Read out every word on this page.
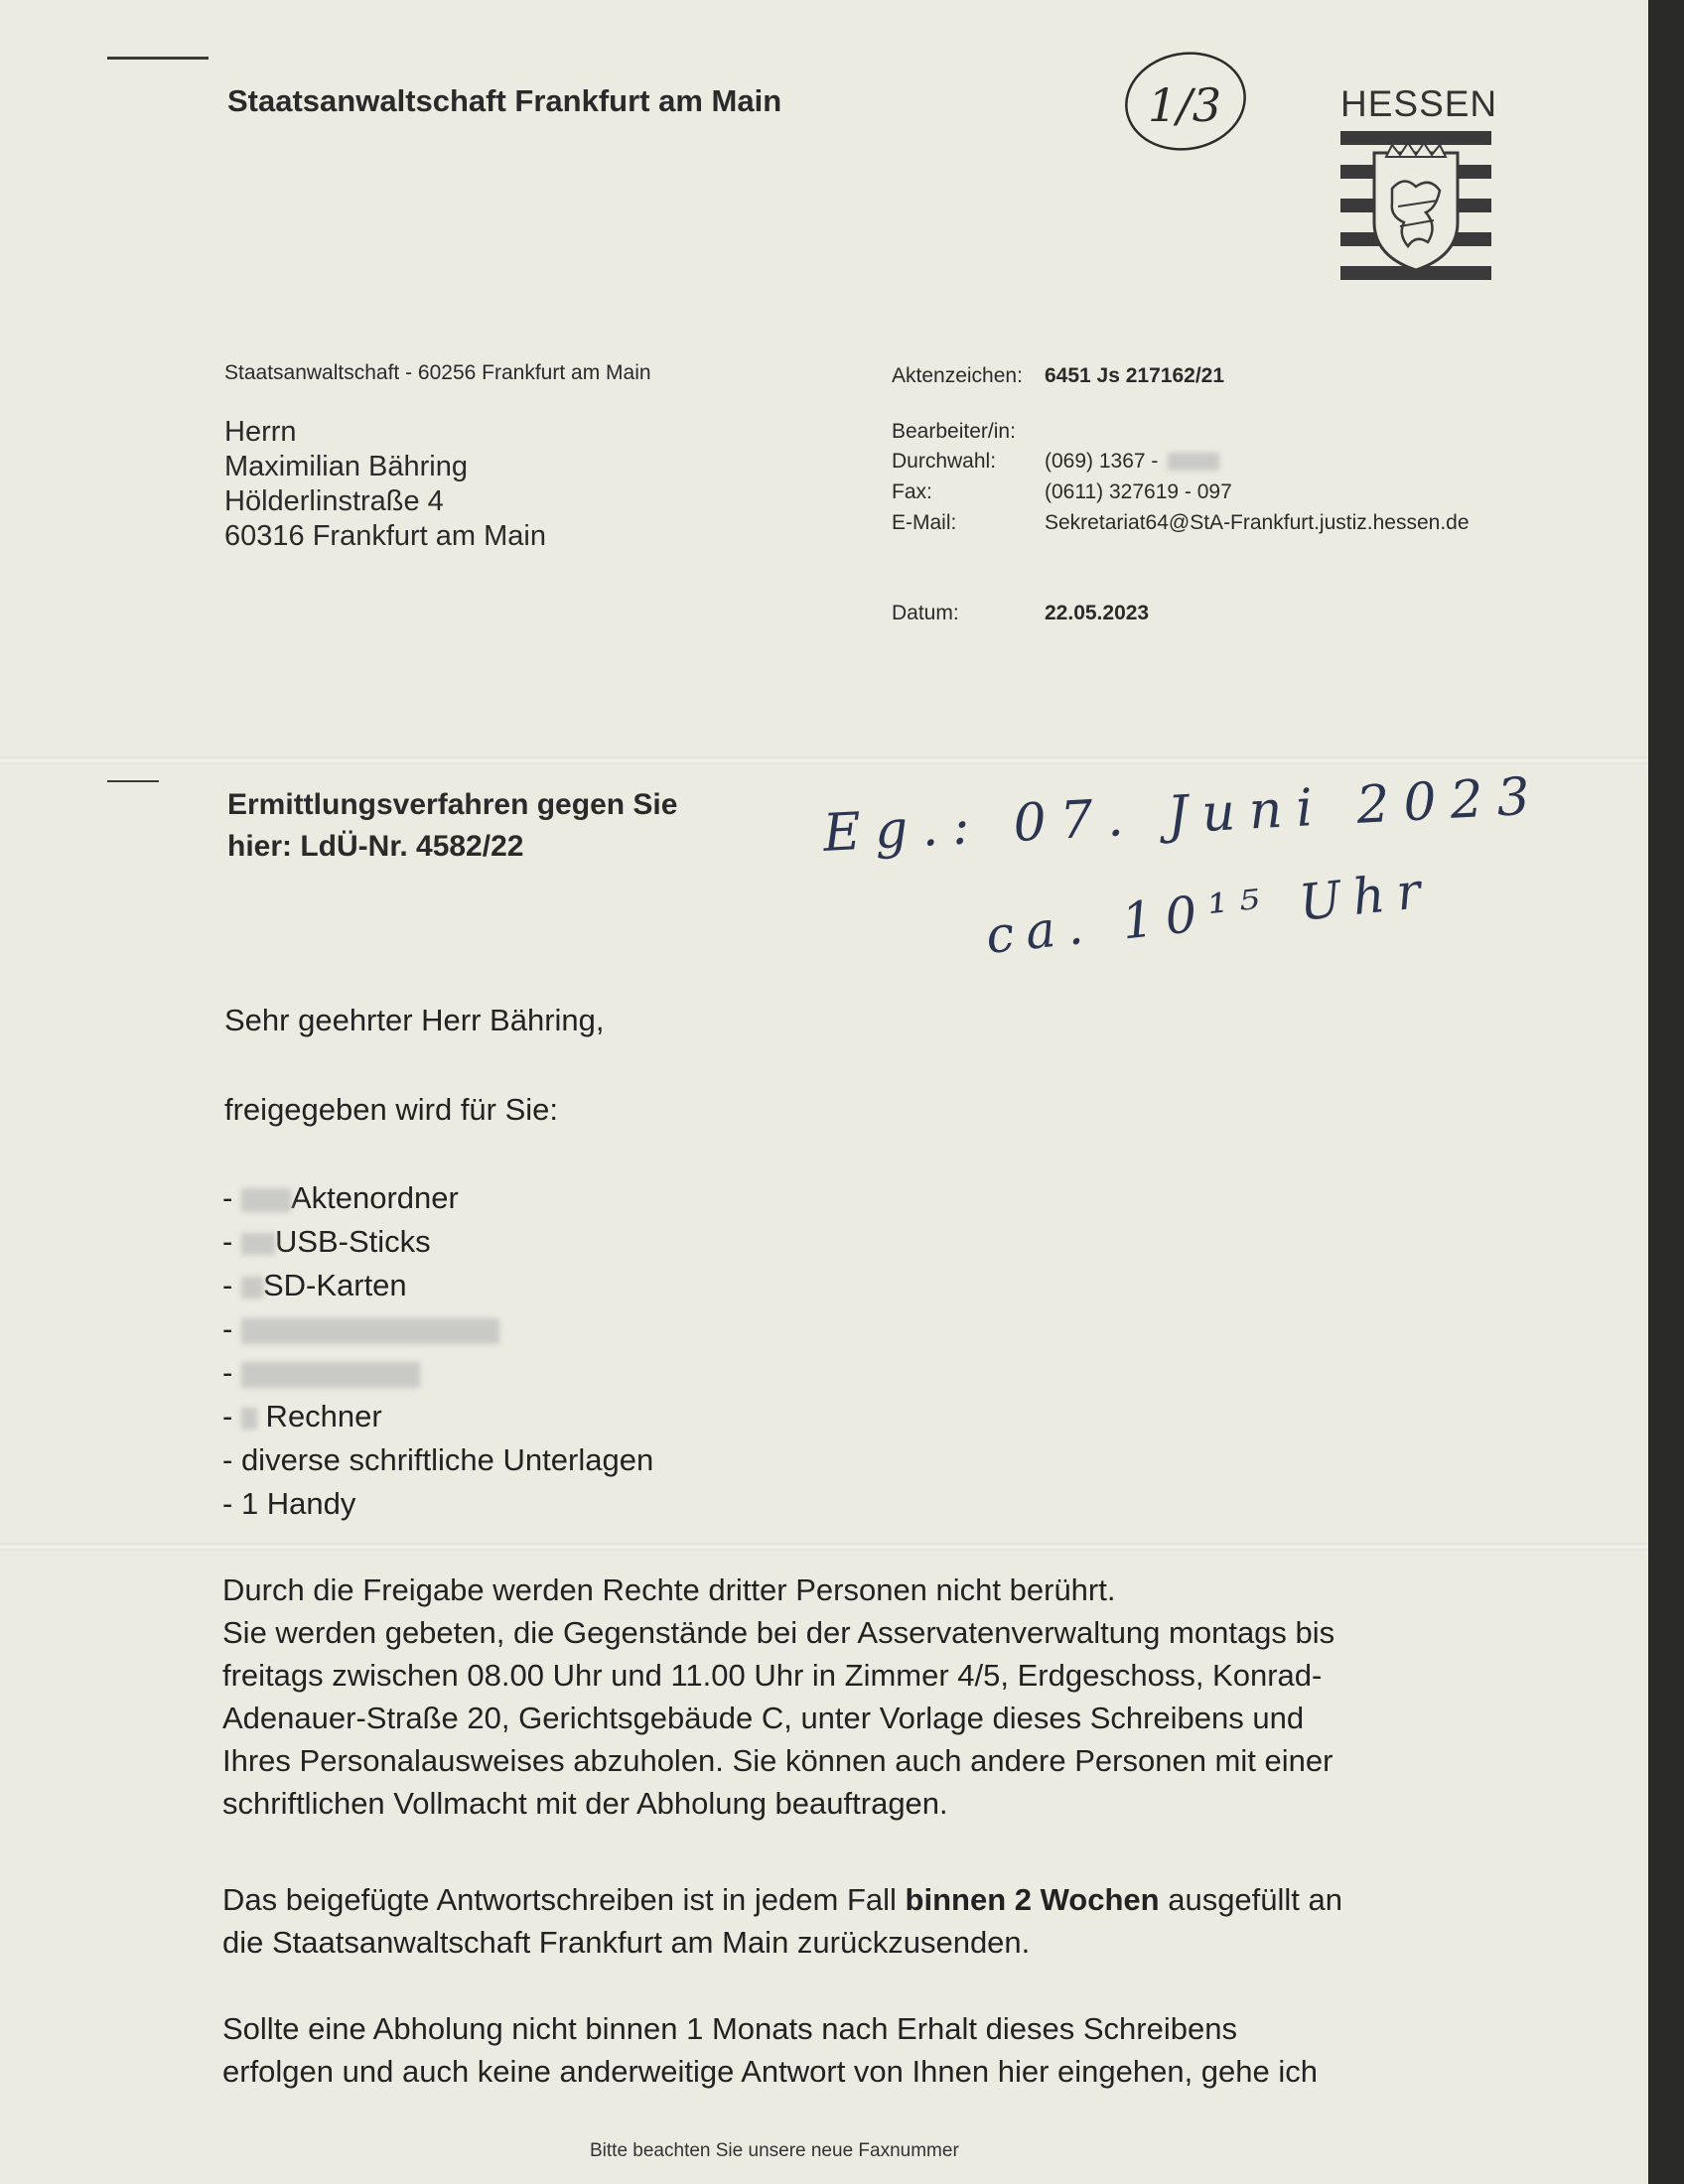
Staatsanwaltschaft Frankfurt am Main	1/3	HESSEN
Staatsanwaltschaft - 60256 Frankfurt am Main
Herrn
Maximilian Bähring
Hölderlinstraße 4
60316 Frankfurt am Main
Aktenzeichen: 6451 Js 217162/21
Bearbeiter/in:
Durchwahl: (069) 1367 -
Fax:	(0611) 327619 - 097
E-Mail:	Sekretariat64@StA-Frankfurt.justiz.hessen.de
Datum:	22.05.2023
Ermittlungsverfahren gegen Sie
hier: LdÜ-Nr. 4582/22	Eg.: 07. Juni 2023
ca. 10¹⁵ Uhr
Sehr geehrter Herr Bähring,
freigegeben wird für Sie:
- Aktenordner
- USB-Sticks
- SD-Karten
-
-
-  Rechner
- diverse schriftliche Unterlagen
- 1 Handy
Durch die Freigabe werden Rechte dritter Personen nicht berührt.
Sie werden gebeten, die Gegenstände bei der Asservatenverwaltung montags bis
freitags zwischen 08.00 Uhr und 11.00 Uhr in Zimmer 4/5, Erdgeschoss, Konrad-
Adenauer-Straße 20, Gerichtsgebäude C, unter Vorlage dieses Schreibens und
Ihres Personalausweises abzuholen. Sie können auch andere Personen mit einer
schriftlichen Vollmacht mit der Abholung beauftragen.
Das beigefügte Antwortschreiben ist in jedem Fall binnen 2 Wochen ausgefüllt an
die Staatsanwaltschaft Frankfurt am Main zurückzusenden.
Sollte eine Abholung nicht binnen 1 Monats nach Erhalt dieses Schreibens
erfolgen und auch keine anderweitige Antwort von Ihnen hier eingehen, gehe ich
Bitte beachten Sie unsere neue Faxnummer
